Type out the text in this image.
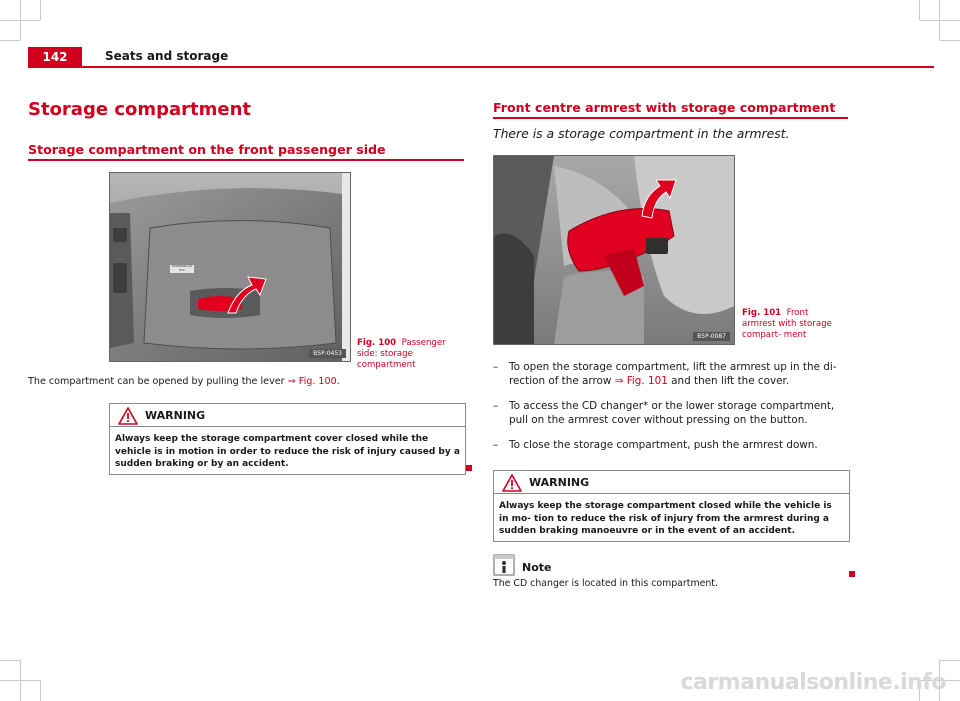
142	Seats and storage
Storage compartment
Storage compartment on the front passenger side
PASSENGER AIR BAG
B5P-0453
Fig. 100 Passenger side: storage compartment
The compartment can be opened by pulling the lever ⇒ Fig. 100.
WARNING
Always keep the storage compartment cover closed while the vehicle is in motion in order to reduce the risk of injury caused by a sudden braking or by an accident.
Front centre armrest with storage compartment
There is a storage compartment in the armrest.
B5P-0087
Fig. 101 Front armrest with storage compart- ment
– To open the storage compartment, lift the armrest up in the di- rection of the arrow ⇒ Fig. 101 and then lift the cover.
– To access the CD changer* or the lower storage compartment, pull on the armrest cover without pressing on the button.
– To close the storage compartment, push the armrest down.
WARNING
Always keep the storage compartment closed while the vehicle is in mo- tion to reduce the risk of injury from the armrest during a sudden braking manoeuvre or in the event of an accident.
Note
The CD changer is located in this compartment.
carmanualsonline.info
